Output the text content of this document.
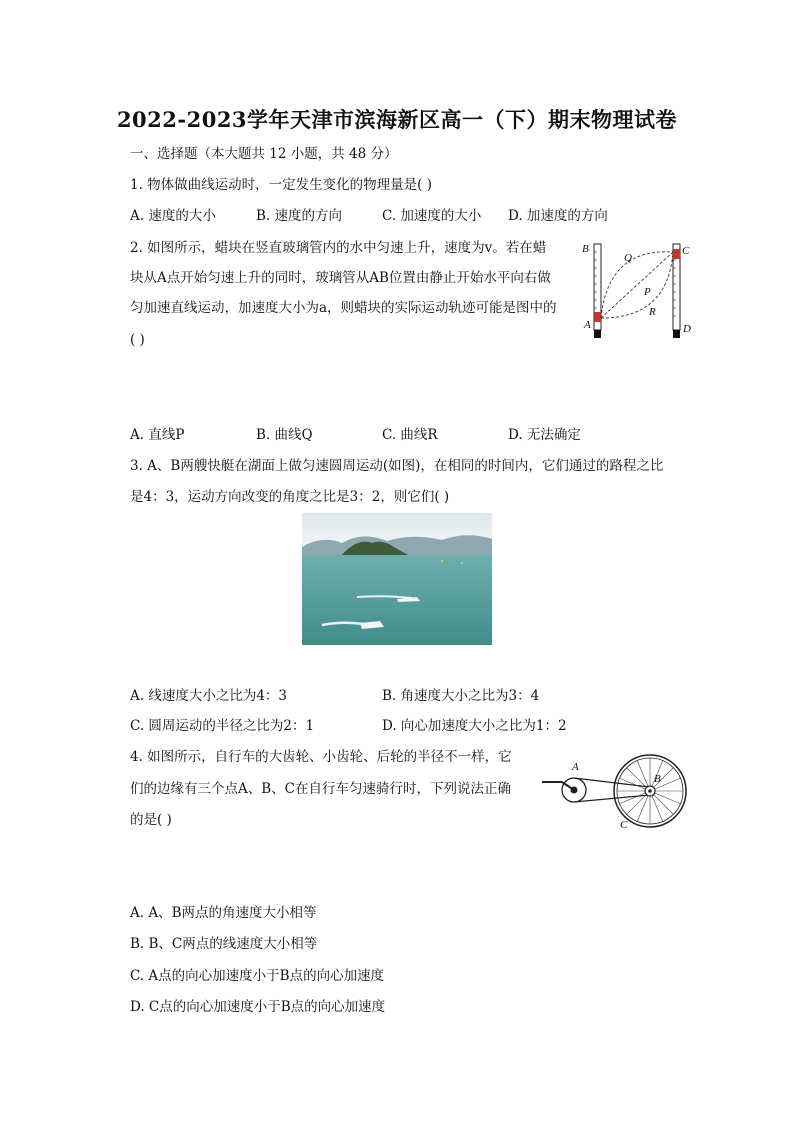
2022-2023学年天津市滨海新区高一（下）期末物理试卷
一、选择题（本大题共 12 小题，共 48 分）
1. 物体做曲线运动时，一定发生变化的物理量是( )
A. 速度的大小	B. 速度的方向	C. 加速度的大小 D. 加速度的方向
2. 如图所示，蜡块在竖直玻璃管内的水中匀速上升，速度为v。若在蜡
块从A点开始匀速上升的同时，玻璃管从AB位置由静止开始水平向右做
匀加速直线运动，加速度大小为a，则蜡块的实际运动轨迹可能是图中的
( )
B	C
Q
P
R
A	D
A. 直线P	B. 曲线Q	C. 曲线R	D. 无法确定
3. A、B两艘快艇在湖面上做匀速圆周运动(如图)，在相同的时间内，它们通过的路程之比
是4：3，运动方向改变的角度之比是3：2，则它们( )
A. 线速度大小之比为4：3	B. 角速度大小之比为3：4
C. 圆周运动的半径之比为2：1	D. 向心加速度大小之比为1：2
4. 如图所示，自行车的大齿轮、小齿轮、后轮的半径不一样，它
们的边缘有三个点A、B、C在自行车匀速骑行时，下列说法正确
的是( )
A
B
C
A. A、B两点的角速度大小相等
B. B、C两点的线速度大小相等
C. A点的向心加速度小于B点的向心加速度
D. C点的向心加速度小于B点的向心加速度
